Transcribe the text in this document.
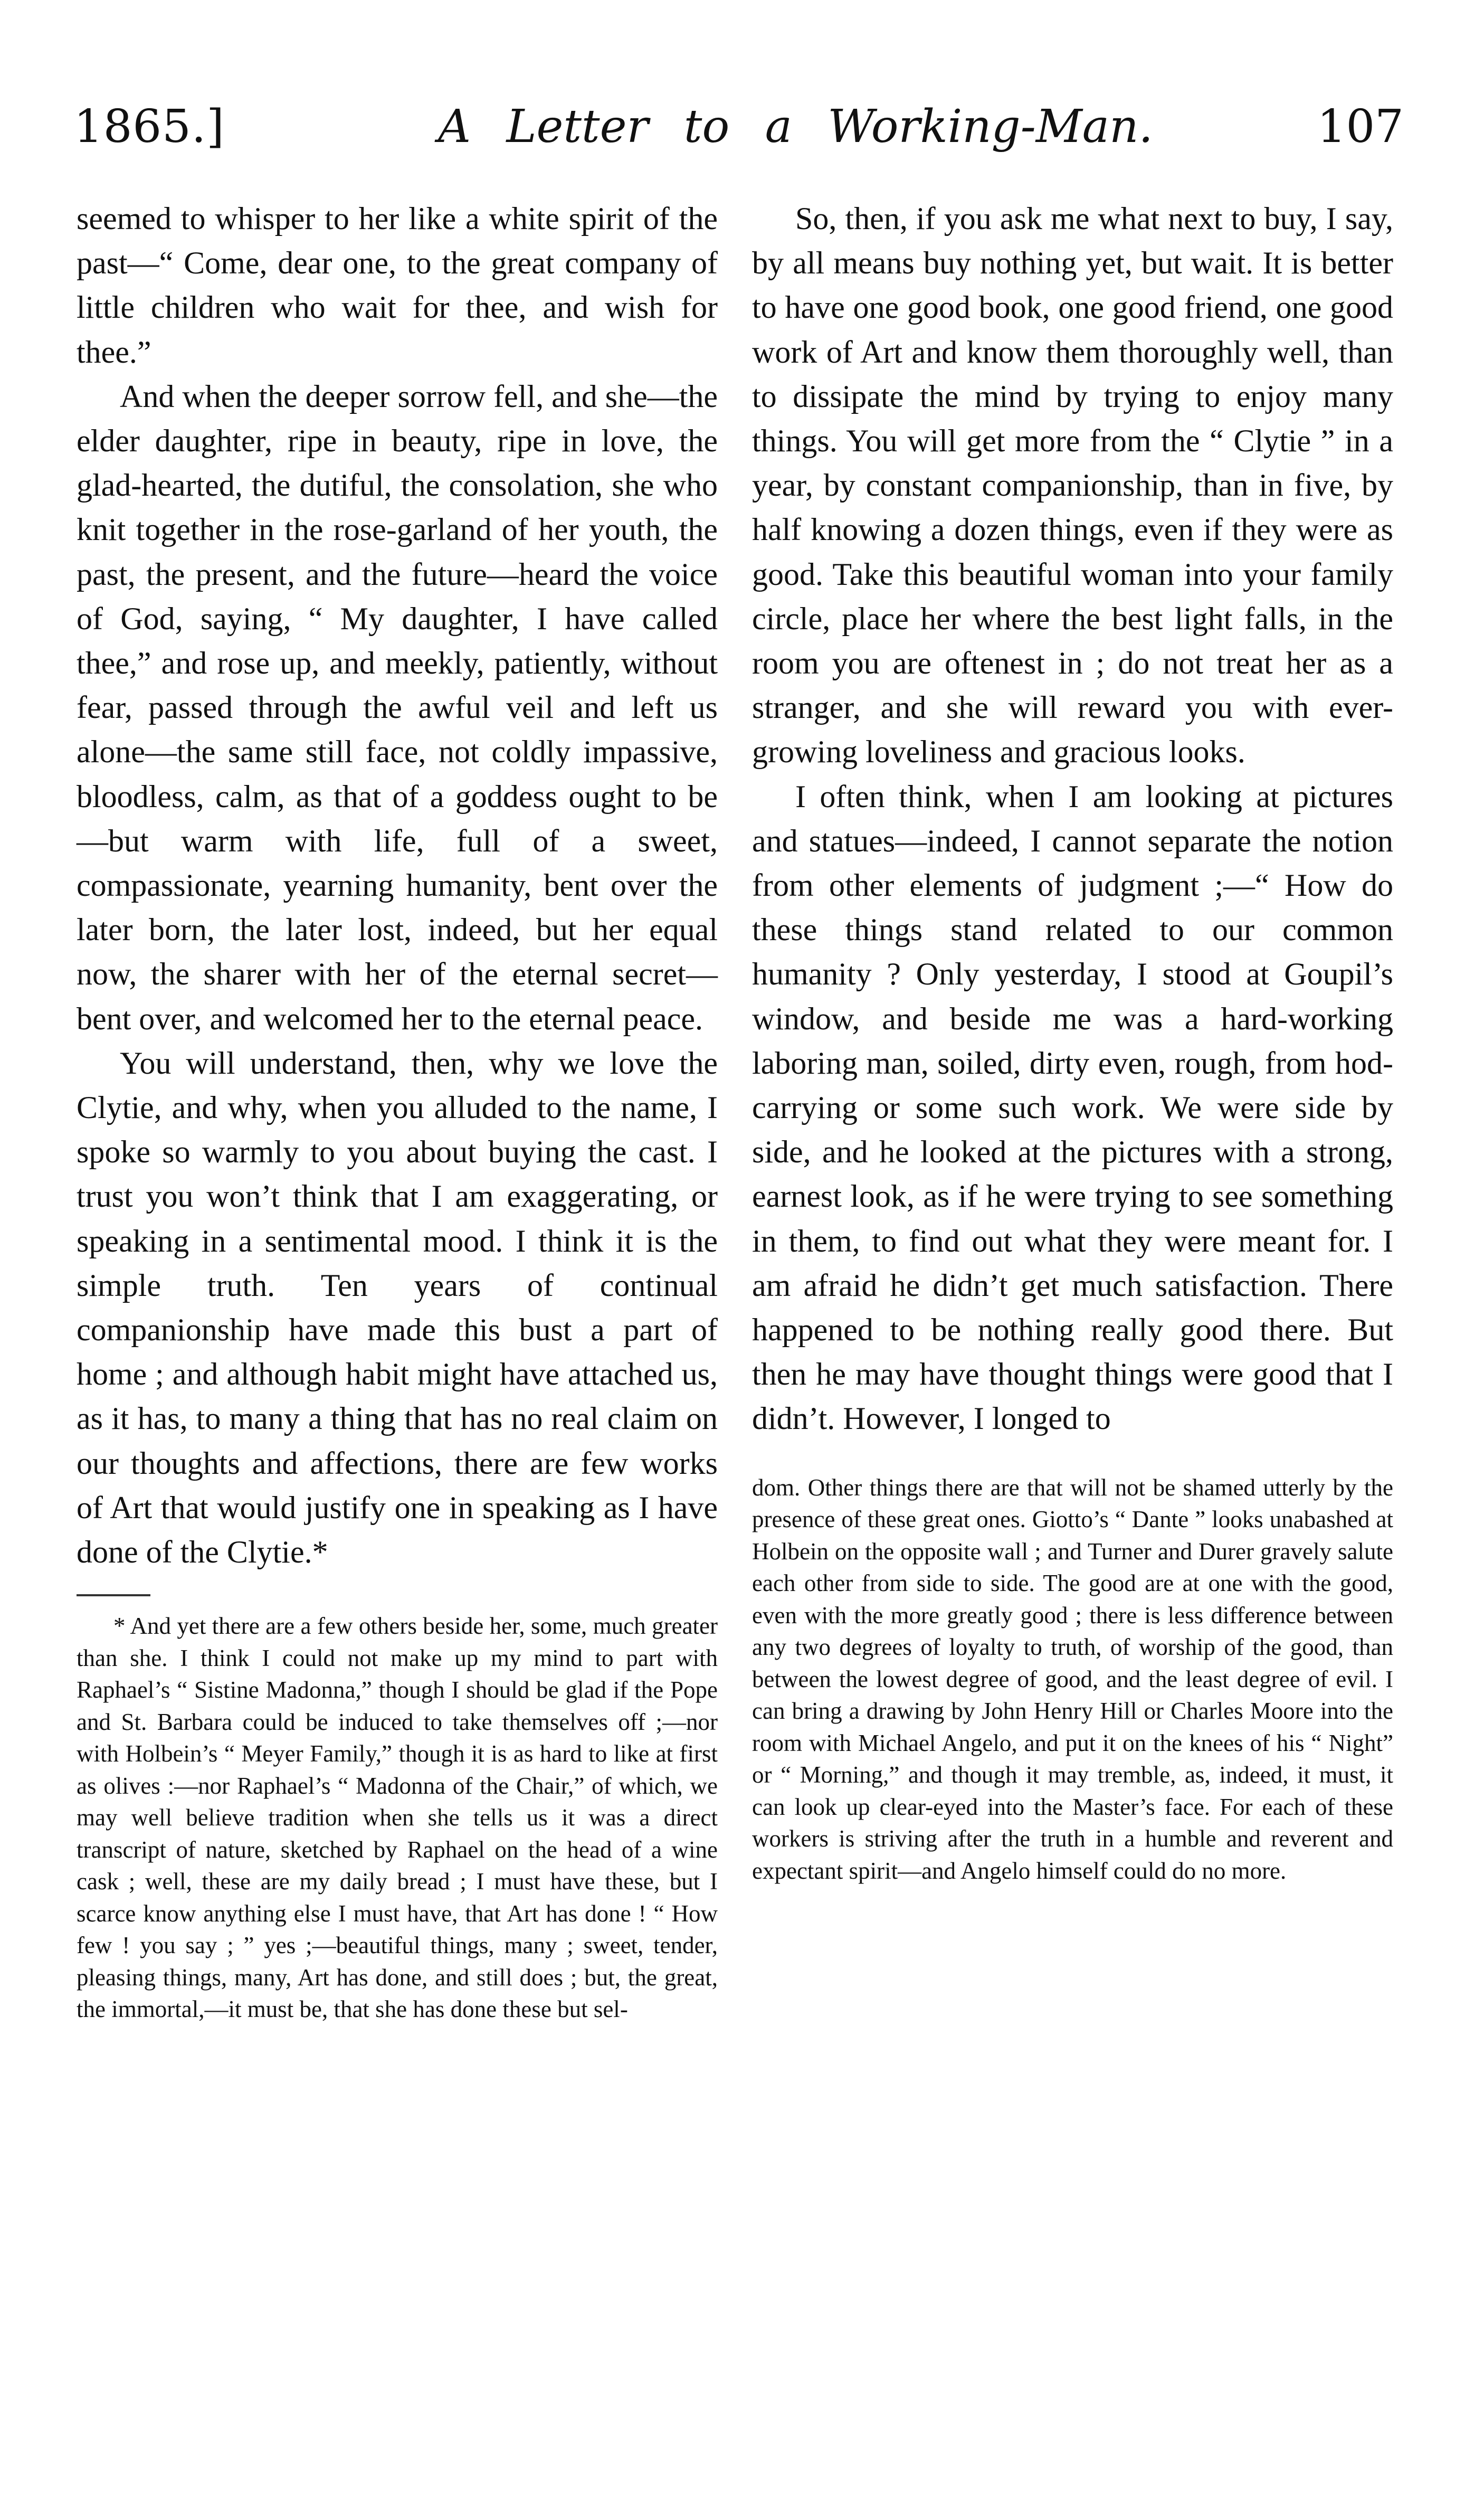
1865.]	A Letter to a Working-Man.	107

seemed to whisper to her like a white spirit of the past—“ Come, dear one, to the great company of little children who wait for thee, and wish for thee.”

And when the deeper sorrow fell, and she—the elder daughter, ripe in beauty, ripe in love, the glad-hearted, the dutiful, the consolation, she who knit together in the rose-garland of her youth, the past, the present, and the future—heard the voice of God, saying, “ My daughter, I have called thee,” and rose up, and meekly, patiently, without fear, passed through the awful veil and left us alone—the same still face, not coldly impassive, bloodless, calm, as that of a goddess ought to be—but warm with life, full of a sweet, compassionate, yearning humanity, bent over the later born, the later lost, indeed, but her equal now, the sharer with her of the eternal secret—bent over, and welcomed her to the eternal peace.

You will understand, then, why we love the Clytie, and why, when you alluded to the name, I spoke so warmly to you about buying the cast. I trust you won’t think that I am exaggerating, or speaking in a sentimental mood. I think it is the simple truth. Ten years of continual companionship have made this bust a part of home ; and although habit might have attached us, as it has, to many a thing that has no real claim on our thoughts and affections, there are few works of Art that would justify one in speaking as I have done of the Clytie.*

* And yet there are a few others beside her, some, much greater than she. I think I could not make up my mind to part with Raphael’s “ Sistine Madonna,” though I should be glad if the Pope and St. Barbara could be induced to take themselves off ;—nor with Holbein’s “ Meyer Family,” though it is as hard to like at first as olives :—nor Raphael’s “ Madonna of the Chair,” of which, we may well believe tradition when she tells us it was a direct transcript of nature, sketched by Raphael on the head of a wine cask ; well, these are my daily bread ; I must have these, but I scarce know anything else I must have, that Art has done ! “ How few ! you say ; ” yes ;—beautiful things, many ; sweet, tender, pleasing things, many, Art has done, and still does ; but, the great, the immortal,—it must be, that she has done these but sel-

So, then, if you ask me what next to buy, I say, by all means buy nothing yet, but wait. It is better to have one good book, one good friend, one good work of Art and know them thoroughly well, than to dissipate the mind by trying to enjoy many things. You will get more from the “ Clytie ” in a year, by constant companionship, than in five, by half knowing a dozen things, even if they were as good. Take this beautiful woman into your family circle, place her where the best light falls, in the room you are oftenest in ; do not treat her as a stranger, and she will reward you with ever-growing loveliness and gracious looks.

I often think, when I am looking at pictures and statues—indeed, I cannot separate the notion from other elements of judgment ;—“ How do these things stand related to our common humanity ? Only yesterday, I stood at Goupil’s window, and beside me was a hard-working laboring man, soiled, dirty even, rough, from hod-carrying or some such work. We were side by side, and he looked at the pictures with a strong, earnest look, as if he were trying to see something in them, to find out what they were meant for. I am afraid he didn’t get much satisfaction. There happened to be nothing really good there. But then he may have thought things were good that I didn’t. However, I longed to

dom. Other things there are that will not be shamed utterly by the presence of these great ones. Giotto’s “ Dante ” looks unabashed at Holbein on the opposite wall ; and Turner and Durer gravely salute each other from side to side. The good are at one with the good, even with the more greatly good ; there is less difference between any two degrees of loyalty to truth, of worship of the good, than between the lowest degree of good, and the least degree of evil. I can bring a drawing by John Henry Hill or Charles Moore into the room with Michael Angelo, and put it on the knees of his “ Night” or “ Morning,” and though it may tremble, as, indeed, it must, it can look up clear-eyed into the Master’s face. For each of these workers is striving after the truth in a humble and reverent and expectant spirit—and Angelo himself could do no more.
